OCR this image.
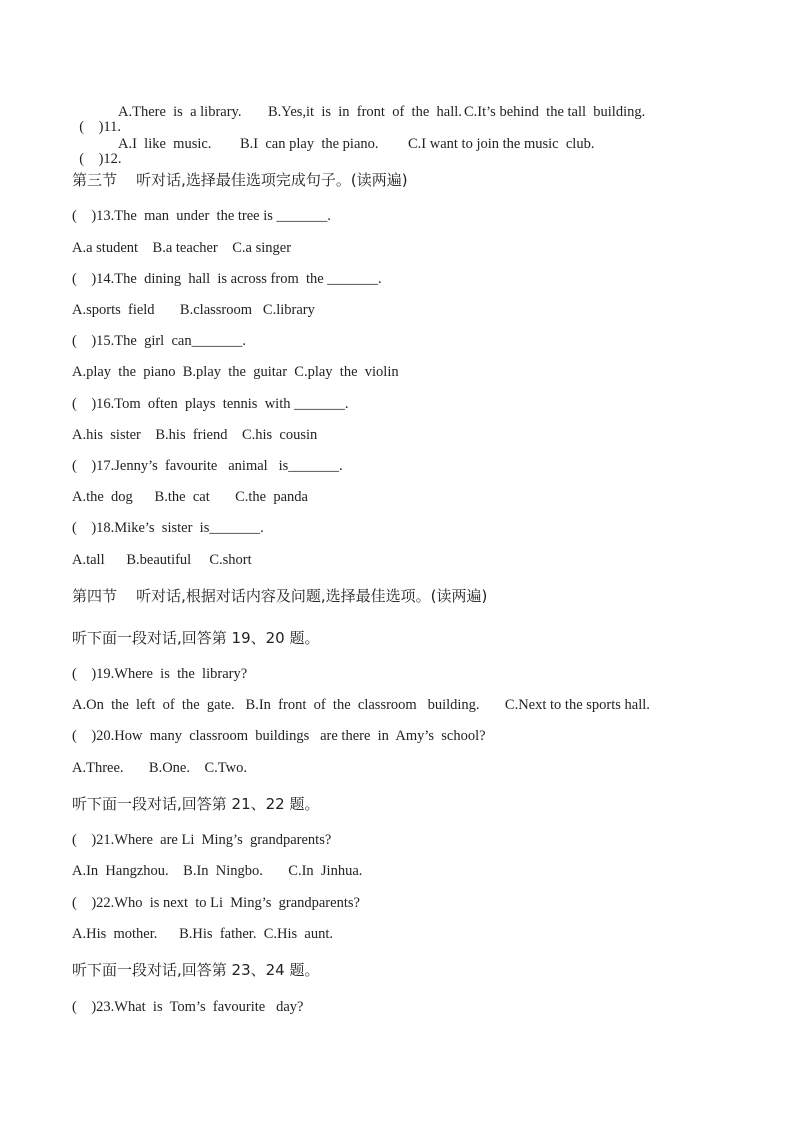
(    )11.
A.There  is  a library. B.Yes,it  is  in  front  of  the  hall. C.It’s behind  the tall  building.

(    )12.
A.I  like  music. B.I  can play  the piano. C.I want to join the music  club.

第三节    听对话,选择最佳选项完成句子。(读两遍)
(    )13.The  man  under  the tree is _______.
A.a student    B.a teacher    C.a singer
(    )14.The  dining  hall  is across from  the _______.
A.sports  field       B.classroom   C.library
(    )15.The  girl  can_______.
A.play  the  piano  B.play  the  guitar  C.play  the  violin
(    )16.Tom  often  plays  tennis  with _______.
A.his  sister    B.his  friend    C.his  cousin
(    )17.Jenny’s  favourite   animal   is_______.
A.the  dog      B.the  cat       C.the  panda
(    )18.Mike’s  sister  is_______.
A.tall      B.beautiful     C.short
第四节    听对话,根据对话内容及问题,选择最佳选项。(读两遍)
听下面一段对话,回答第 19、20 题。
(    )19.Where  is  the  library?
A.On  the  left  of  the  gate.   B.In  front  of  the  classroom   building.       C.Next to the sports hall.
(    )20.How  many  classroom  buildings   are there  in  Amy’s  school?
A.Three.       B.One.    C.Two.
听下面一段对话,回答第 21、22 题。
(    )21.Where  are Li  Ming’s  grandparents?
A.In  Hangzhou.    B.In  Ningbo.       C.In  Jinhua.
(    )22.Who  is next  to Li  Ming’s  grandparents?
A.His  mother.      B.His  father.  C.His  aunt.
听下面一段对话,回答第 23、24 题。
(    )23.What  is  Tom’s  favourite   day?
